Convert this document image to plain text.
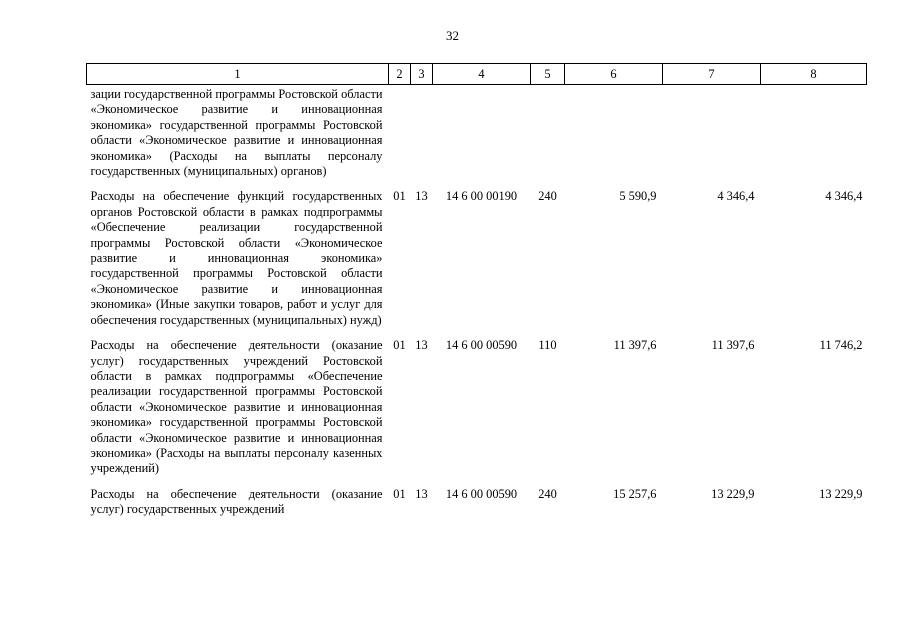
32
1	2	3	4	5	6	7	8
зации государственной программы Ростовской области «Экономическое развитие и инновационная экономика» государственной программы Ростовской области «Экономическое развитие и инновационная экономика» (Расходы на выплаты персоналу государственных (муниципальных) органов)							
Расходы на обеспечение функций государственных органов Ростовской области в рамках подпрограммы «Обеспечение реализации государственной программы Ростовской области «Экономическое развитие и инновационная экономика» государственной программы Ростовской области «Экономическое развитие и инновационная экономика» (Иные закупки товаров, работ и услуг для обеспечения государственных (муниципальных) нужд)	01	13	14 6 00 00190	240	5 590,9	4 346,4	4 346,4
Расходы на обеспечение деятельности (оказание услуг) государственных учреждений Ростовской области в рамках подпрограммы «Обеспечение реализации государственной программы Ростовской области «Экономическое развитие и инновационная экономика» государственной программы Ростовской области «Экономическое развитие и инновационная экономика» (Расходы на выплаты персоналу казенных учреждений)	01	13	14 6 00 00590	110	11 397,6	11 397,6	11 746,2
Расходы на обеспечение деятельности (оказание услуг) государственных учреждений	01	13	14 6 00 00590	240	15 257,6	13 229,9	13 229,9
